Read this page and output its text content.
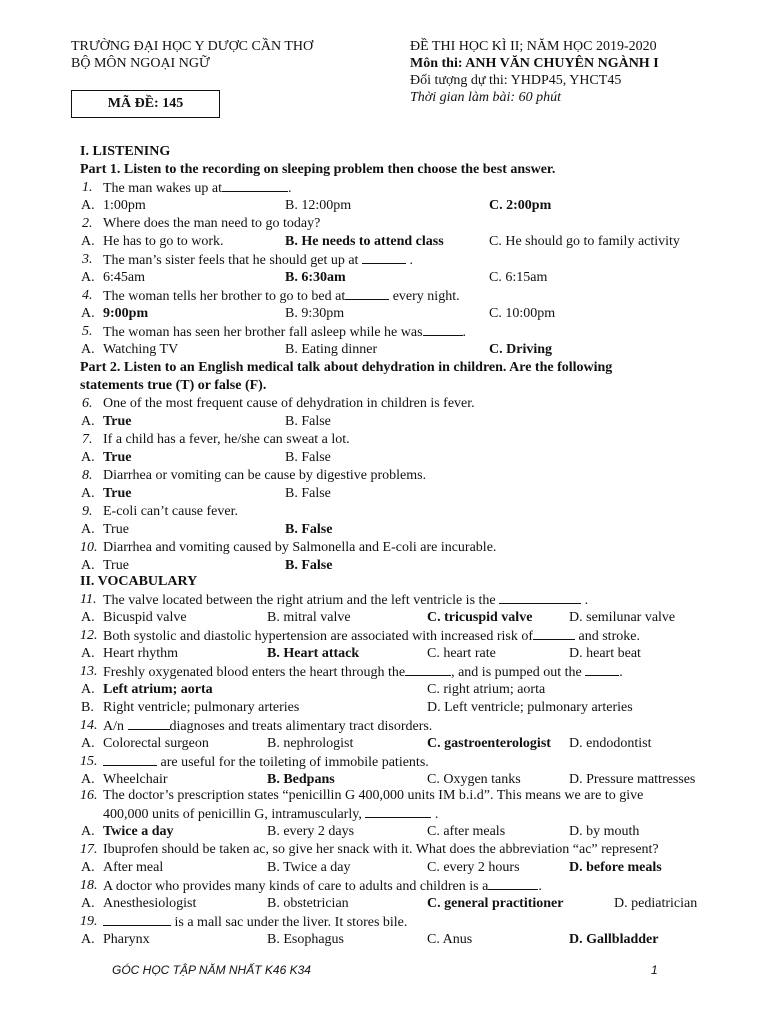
TRƯỜNG ĐẠI HỌC Y DƯỢC CẦN THƠ
BỘ MÔN NGOẠI NGỮ
ĐỀ THI HỌC KÌ II; NĂM HỌC 2019-2020
Môn thi: ANH VĂN CHUYÊN NGÀNH I
Đối tượng dự thi: YHDP45, YHCT45
Thời gian làm bài: 60 phút
MÃ ĐỀ: 145
I. LISTENING
Part 1. Listen to the recording on sleeping problem then choose the best answer.
1. The man wakes up at	.
A. 1:00pm	B. 12:00pm	C. 2:00pm
2. Where does the man need to go today?
A. He has to go to work.	B. He needs to attend class	C. He should go to family activity
3. The man’s sister feels that he should get up at	.
A. 6:45am	B. 6:30am	C. 6:15am
4. The woman tells her brother to go to bed at	every night.
A. 9:00pm	B. 9:30pm	C. 10:00pm
5. The woman has seen her brother fall asleep while he was	.
A. Watching TV	B. Eating dinner	C. Driving
Part 2. Listen to an English medical talk about dehydration in children. Are the following
statements true (T) or false (F).
6. One of the most frequent cause of dehydration in children is fever.
A. True	B. False
7. If a child has a fever, he/she can sweat a lot.
A. True	B. False
8. Diarrhea or vomiting can be cause by digestive problems.
A. True	B. False
9. E-coli can’t cause fever.
A. True	B. False
10. Diarrhea and vomiting caused by Salmonella and E-coli are incurable.
A. True	B. False
II. VOCABULARY
11. The valve located between the right atrium and the left ventricle is the	.
A. Bicuspid valve	B. mitral valve	C. tricuspid valve	D. semilunar valve
12. Both systolic and diastolic hypertension are associated with increased risk of	and stroke.
A. Heart rhythm	B. Heart attack	C. heart rate	D. heart beat
13. Freshly oxygenated blood enters the heart through the	, and is pumped out the	.
A. Left atrium; aorta	C. right atrium; aorta
B. Right ventricle; pulmonary arteries	D. Left ventricle; pulmonary arteries
14. A/n	diagnoses and treats alimentary tract disorders.
A. Colorectal surgeon	B. nephrologist	C. gastroenterologist D. endodontist
15.	are useful for the toileting of immobile patients.
A. Wheelchair	B. Bedpans	C. Oxygen tanks	D. Pressure mattresses
16. The doctor’s prescription states “penicillin G 400,000 units IM b.i.d”. This means we are to give
400,000 units of penicillin G, intramuscularly,	.
A. Twice a day	B. every 2 days	C. after meals	D. by mouth
17. Ibuprofen should be taken ac, so give her snack with it. What does the abbreviation “ac” represent?
A. After meal	B. Twice a day	C. every 2 hours	D. before meals
18. A doctor who provides many kinds of care to adults and children is a	.
A. Anesthesiologist	B. obstetrician	C. general practitioner	D. pediatrician
19.	is a mall sac under the liver. It stores bile.
A. Pharynx	B. Esophagus	C. Anus	D. Gallbladder
GÓC HỌC TẬP NĂM NHẤT K46 K34	1
